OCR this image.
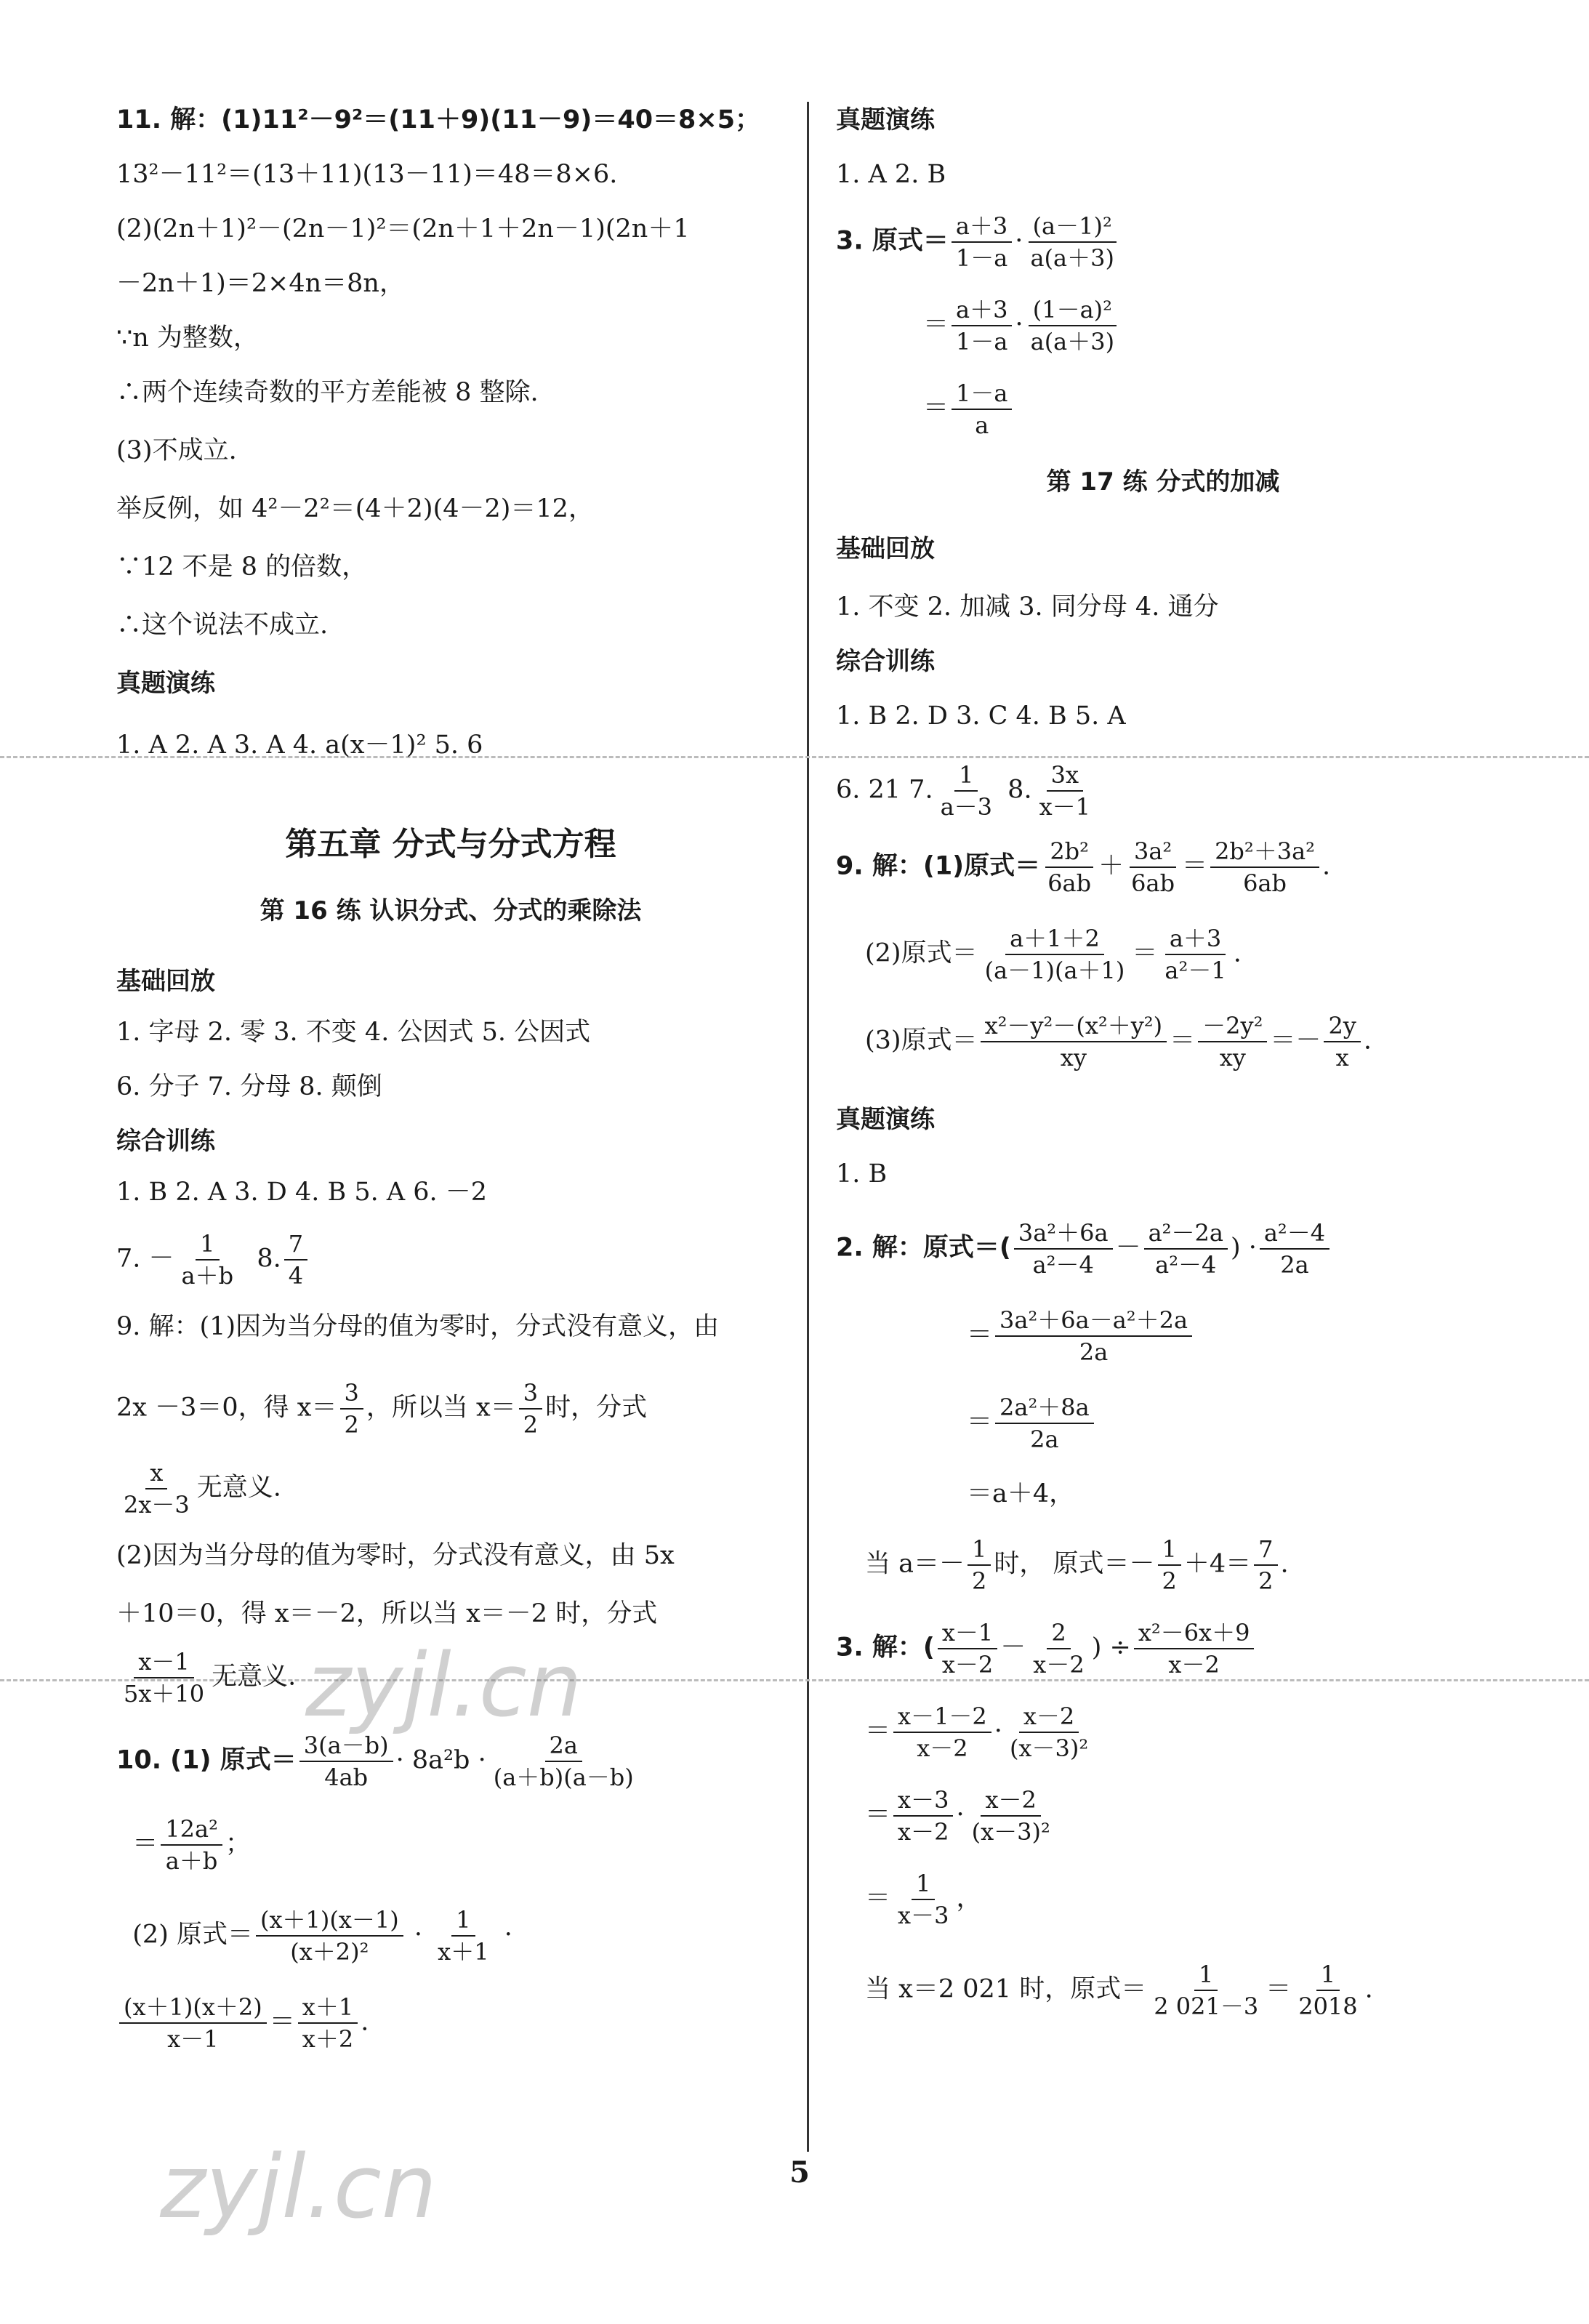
zyjl.cn
zyjl.cn
11. 解：(1)11²－9²＝(11＋9)(11－9)＝40＝8×5；
13²－11²＝(13＋11)(13－11)＝48＝8×6.
(2)(2n＋1)²－(2n－1)²＝(2n＋1＋2n－1)(2n＋1
－2n＋1)＝2×4n＝8n，
∵n 为整数，
∴两个连续奇数的平方差能被 8 整除.
(3)不成立.
举反例，如 4²－2²＝(4＋2)(4－2)＝12，
∵12 不是 8 的倍数，
∴这个说法不成立.
真题演练
1. A 2. A 3. A 4. a(x－1)² 5. 6
第五章 分式与分式方程
第 16 练 认识分式、分式的乘除法
基础回放
1. 字母 2. 零 3. 不变 4. 公因式 5. 公因式
6. 分子 7. 分母 8. 颠倒
综合训练
1. B 2. A 3. D 4. B 5. A 6. －2
7. － $\frac{1}{a+b} 8$. $\frac{7}{4}$
9. 解：(1)因为当分母的值为零时，分式没有意义，由
2x －3＝0，得 $x= \frac{3}{2}$ ，所以当 $x= \frac{3}{2}$ 时，分式
$\frac{x}{2x-3}$ 无意义.
(2)因为当分母的值为零时，分式没有意义，由 5x
＋10＝0，得 x＝－2，所以当 x＝－2 时，分式
$\frac{x-1}{5x+10}$ 无意义.
10. (1) 原式＝ $\frac{3(a-b)}{4ab} \cdot 8a^2b \cdot \frac{2a}{(a+b)(a-b)}$
＝ $\frac{\text{12a²}}{a+b}$ ；
(2) 原式＝ $\frac{(x+1)(x-1)}{\text{(x＋2)²}} \cdot \frac{1}{x+1}$ ·
$\frac{(x+1)(x+2)}{x-1} = \frac{x+1}{x+2}$ .
真题演练
1. A 2. B
3. 原式＝ $\frac{a+3}{1-a} \cdot \frac{\text{(a－1)²}}{a(a+3)}$
＝ $\frac{a+3}{1-a} \cdot \frac{\text{(1－a)²}}{a(a+3)}$
＝ $\frac{1-a}{a}$
第 17 练 分式的加减
基础回放
1. 不变 2. 加减 3. 同分母 4. 通分
综合训练
1. B 2. D 3. C 4. B 5. A
6. 21 7. $\frac{1}{a-3} 8$. $\frac{3x}{x-1}$
9. 解：(1)原式＝ $\frac{\text{2b²}}{6ab} + \frac{\text{3a²}}{6ab} = \frac{\text{2b²＋3a²}}{6ab}$ .
(2)原式＝ $\frac{a+1+2}{(a-1)(a+1)} = \frac{a+3}{\text{a²－1}}$ .
(3)原式＝ $\frac{\text{x²－y²－(x²＋y²)}}{xy} = \frac{\text{－2y²}}{xy} =- \frac{2y}{x}$ .
真题演练
1. B
2. 解：原式＝( $\frac{\text{3a²＋6a}}{\text{a²－4}} - \frac{\text{a²－2a}}{\text{a²－4}}$ ) · $\frac{\text{a²－4}}{2a}$
＝ $\frac{\text{3a²＋6a－a²＋2a}}{2a}$
＝ $\frac{\text{2a²＋8a}}{2a}$
＝a＋4，
当 $a=- \frac{1}{2}$ 时， 原式＝－ $\frac{1}{2} +4= \frac{7}{2}$ .
3. 解：( $\frac{x-1}{x-2} - \frac{2}{x-2}$ ) ÷ $\frac{\text{x²－6x＋9}}{x-2}$
＝ $\frac{x-1-2}{x-2} \cdot \frac{x-2}{\text{(x－3)²}}$
＝ $\frac{x-3}{x-2} \cdot \frac{x-2}{\text{(x－3)²}}$
＝ $\frac{1}{x-3}$ ，
当 x＝2 021 时，原式＝ $\frac{1}{2 021-3} = \frac{1}{2018}$ .
5
